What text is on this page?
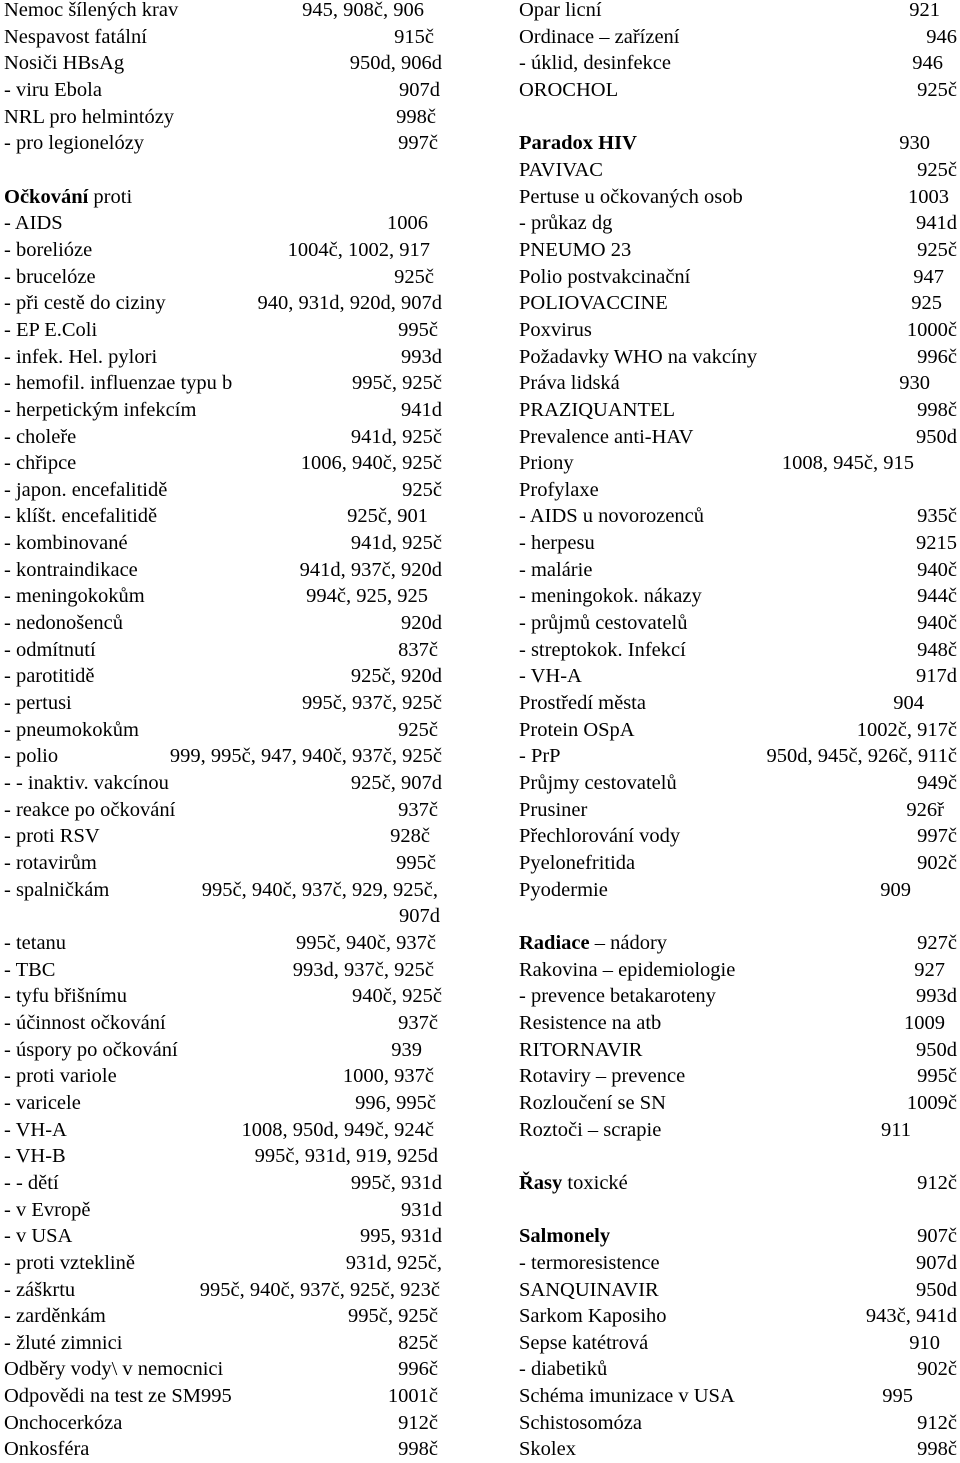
Nemoc šílených krav	945, 908č, 906
Nespavost fatální	915č
Nosiči HBsAg	950d, 906d
- viru Ebola	907d
NRL pro helmintózy	998č
- pro legionelózy	997č
Očkování proti
- AIDS	1006
- borelióze	1004č, 1002, 917
- brucelóze	925č
- při cestě do ciziny	940, 931d, 920d, 907d
- EP E.Coli	995č
- infek. Hel. pylori	993d
- hemofil. influenzae typu b	995č, 925č
- herpetickým infekcím	941d
- choleře	941d, 925č
- chřipce	1006, 940č, 925č
- japon. encefalitidě	925č
- klíšt. encefalitidě	925č, 901
- kombinované	941d, 925č
- kontraindikace	941d, 937č, 920d
- meningokokům	994č, 925, 925
- nedonošenců	920d
- odmítnutí	837č
- parotitidě	925č, 920d
- pertusi	995č, 937č, 925č
- pneumokokům	925č
- polio	999, 995č, 947, 940č, 937č, 925č
- - inaktiv. vakcínou	925č, 907d
- reakce po očkování	937č
- proti RSV	928č
- rotavirům	995č
- spalničkám	995č, 940č, 937č, 929, 925č,
907d
- tetanu	995č, 940č, 937č
- TBC	993d, 937č, 925č
- tyfu břišnímu	940č, 925č
- účinnost očkování	937č
- úspory po očkování	939
- proti variole	1000, 937č
- varicele	996, 995č
- VH-A	1008, 950d, 949č, 924č
- VH-B	995č, 931d, 919, 925d
- - dětí	995č, 931d
- v Evropě	931d
- v USA	995, 931d
- proti vzteklině	931d, 925č,
- záškrtu	995č, 940č, 937č, 925č, 923č
- zarděnkám	995č, 925č
- žluté zimnici	825č
Odběry vody\ v nemocnici	996č
Odpovědi na test ze SM995	1001č
Onchocerkóza	912č
Onkosféra	998č
Opar licní	921
Ordinace – zařízení	946
- úklid, desinfekce	946
OROCHOL	925č
Paradox HIV	930
PAVIVAC	925č
Pertuse u očkovaných osob	1003
- průkaz dg	941d
PNEUMO 23	925č
Polio postvakcinační	947
POLIOVACCINE	925
Poxvirus	1000č
Požadavky WHO na vakcíny	996č
Práva lidská	930
PRAZIQUANTEL	998č
Prevalence anti-HAV	950d
Priony	1008, 945č, 915
Profylaxe
- AIDS u novorozenců	935č
- herpesu	9215
- malárie	940č
- meningokok. nákazy	944č
- průjmů cestovatelů	940č
- streptokok. Infekcí	948č
- VH-A	917d
Prostředí města	904
Protein OSpA	1002č, 917č
- PrP	950d, 945č, 926č, 911č
Průjmy cestovatelů	949č
Prusiner	926ř
Přechlorování vody	997č
Pyelonefritida	902č
Pyodermie	909
Radiace – nádory	927č
Rakovina – epidemiologie	927
- prevence betakaroteny	993d
Resistence na atb	1009
RITORNAVIR	950d
Rotaviry – prevence	995č
Rozloučení se SN	1009č
Roztoči – scrapie	911
Řasy toxické	912č
Salmonely	907č
- termoresistence	907d
SANQUINAVIR	950d
Sarkom Kaposiho	943č, 941d
Sepse katétrová	910
- diabetiků	902č
Schéma imunizace v USA	995
Schistosomóza	912č
Skolex	998č
